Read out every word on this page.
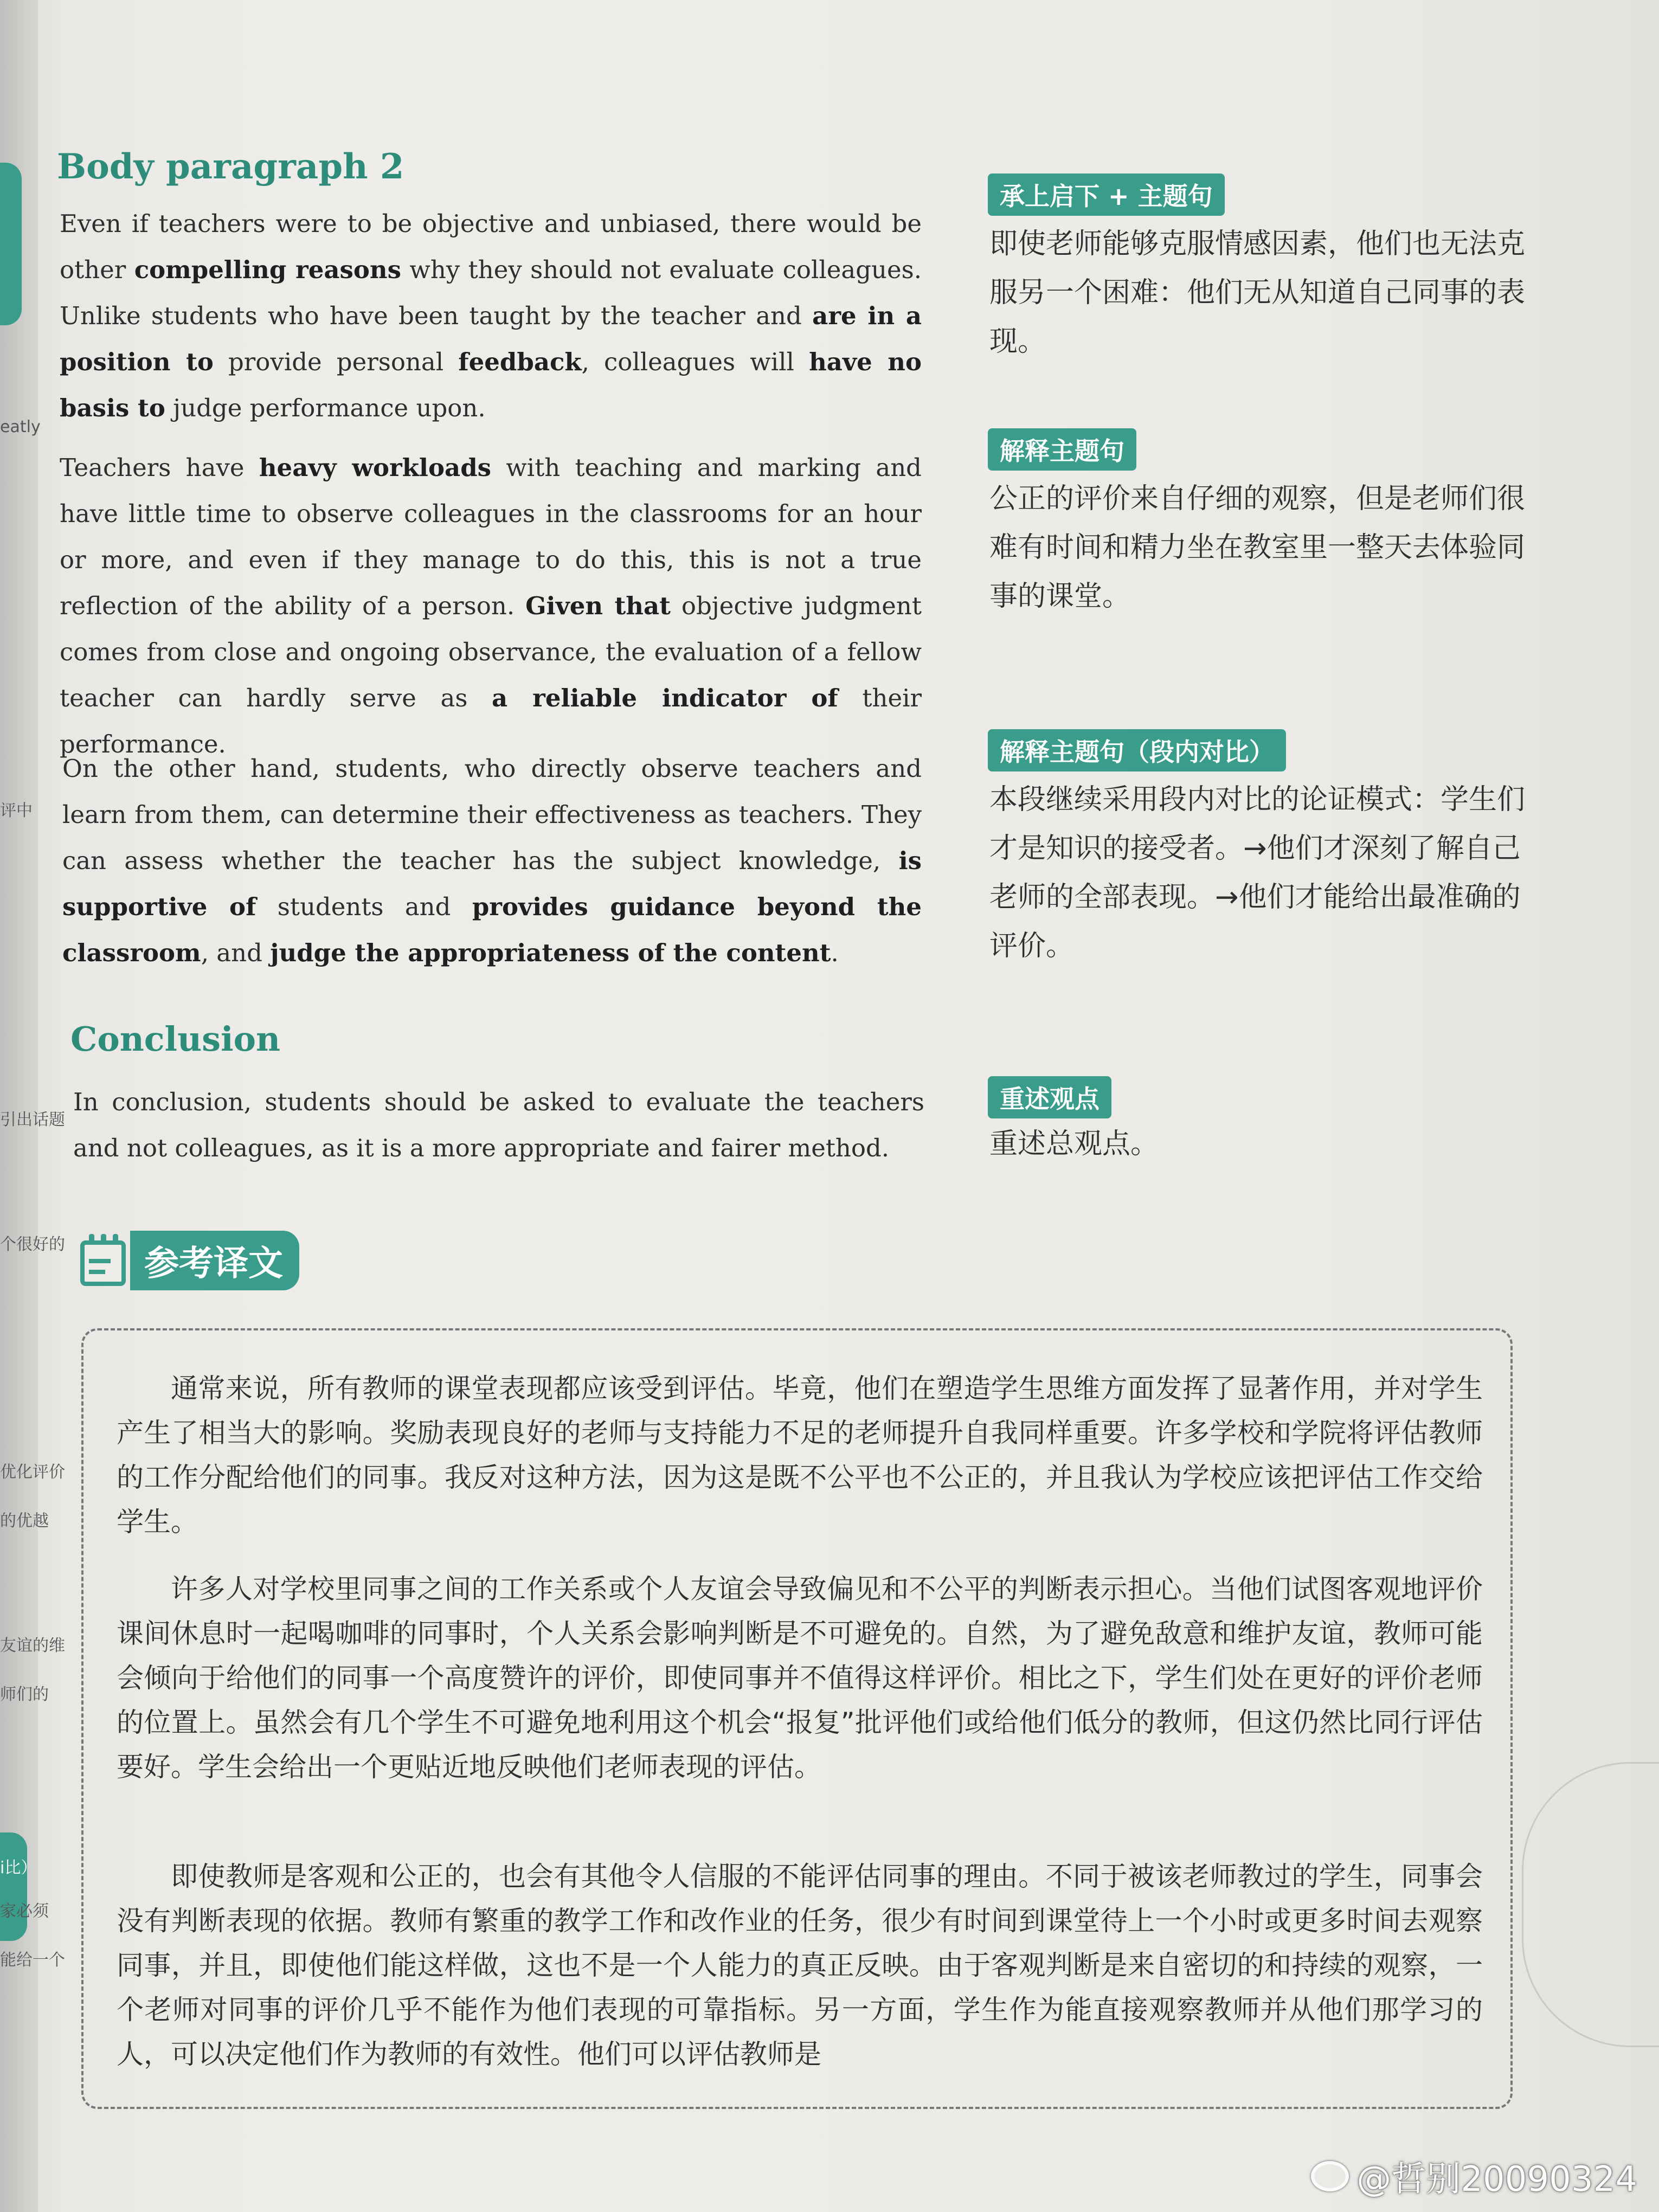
eatly
评中
引出话题
个很好的
优化评价
的优越
友谊的维
师们的
i比）
家必须
能给一个
Body paragraph 2
Even if teachers were to be objective and unbiased, there would be other compelling reasons why they should not evaluate colleagues. Unlike students who have been taught by the teacher and are in a position to provide personal feedback, colleagues will have no basis to judge performance upon.
Teachers have heavy workloads with teaching and marking and have little time to observe colleagues in the classrooms for an hour or more, and even if they manage to do this, this is not a true reflection of the ability of a person. Given that objective judgment comes from close and ongoing observance, the evaluation of a fellow teacher can hardly serve as a reliable indicator of their performance.
On the other hand, students, who directly observe teachers and learn from them, can determine their effectiveness as teachers. They can assess whether the teacher has the subject knowledge, is supportive of students and provides guidance beyond the classroom, and judge the appropriateness of the content.
Conclusion
In conclusion, students should be asked to evaluate the teachers and not colleagues, as it is a more appropriate and fairer method.
承上启下 + 主题句
即使老师能够克服情感因素，他们也无法克服另一个困难：他们无从知道自己同事的表现。
解释主题句
公正的评价来自仔细的观察，但是老师们很难有时间和精力坐在教室里一整天去体验同事的课堂。
解释主题句（段内对比）
本段继续采用段内对比的论证模式：学生们才是知识的接受者。→他们才深刻了解自己老师的全部表现。→他们才能给出最准确的评价。
重述观点
重述总观点。
参考译文
通常来说，所有教师的课堂表现都应该受到评估。毕竟，他们在塑造学生思维方面发挥了显著作用，并对学生产生了相当大的影响。奖励表现良好的老师与支持能力不足的老师提升自我同样重要。许多学校和学院将评估教师的工作分配给他们的同事。我反对这种方法，因为这是既不公平也不公正的，并且我认为学校应该把评估工作交给学生。
许多人对学校里同事之间的工作关系或个人友谊会导致偏见和不公平的判断表示担心。当他们试图客观地评价课间休息时一起喝咖啡的同事时，个人关系会影响判断是不可避免的。自然，为了避免敌意和维护友谊，教师可能会倾向于给他们的同事一个高度赞许的评价，即使同事并不值得这样评价。相比之下，学生们处在更好的评价老师的位置上。虽然会有几个学生不可避免地利用这个机会“报复”批评他们或给他们低分的教师，但这仍然比同行评估要好。学生会给出一个更贴近地反映他们老师表现的评估。
即使教师是客观和公正的，也会有其他令人信服的不能评估同事的理由。不同于被该老师教过的学生，同事会没有判断表现的依据。教师有繁重的教学工作和改作业的任务，很少有时间到课堂待上一个小时或更多时间去观察同事，并且，即使他们能这样做，这也不是一个人能力的真正反映。由于客观判断是来自密切的和持续的观察，一个老师对同事的评价几乎不能作为他们表现的可靠指标。另一方面，学生作为能直接观察教师并从他们那学习的人，可以决定他们作为教师的有效性。他们可以评估教师是
@哲别20090324
